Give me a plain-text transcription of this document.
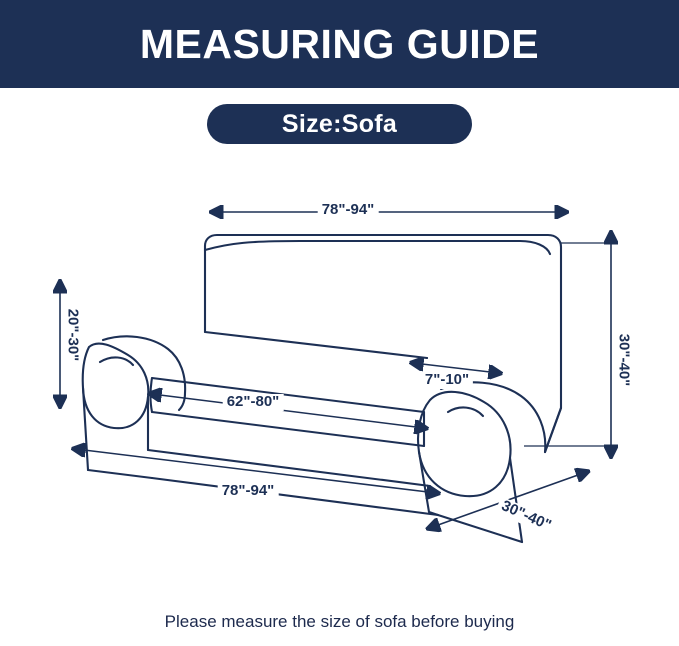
MEASURING GUIDE
Size:Sofa
78"-94"
20"-30"	30"-40"
62"-80"
7"-10"
78"-94"
30"-40"
Please measure the size of sofa before buying
